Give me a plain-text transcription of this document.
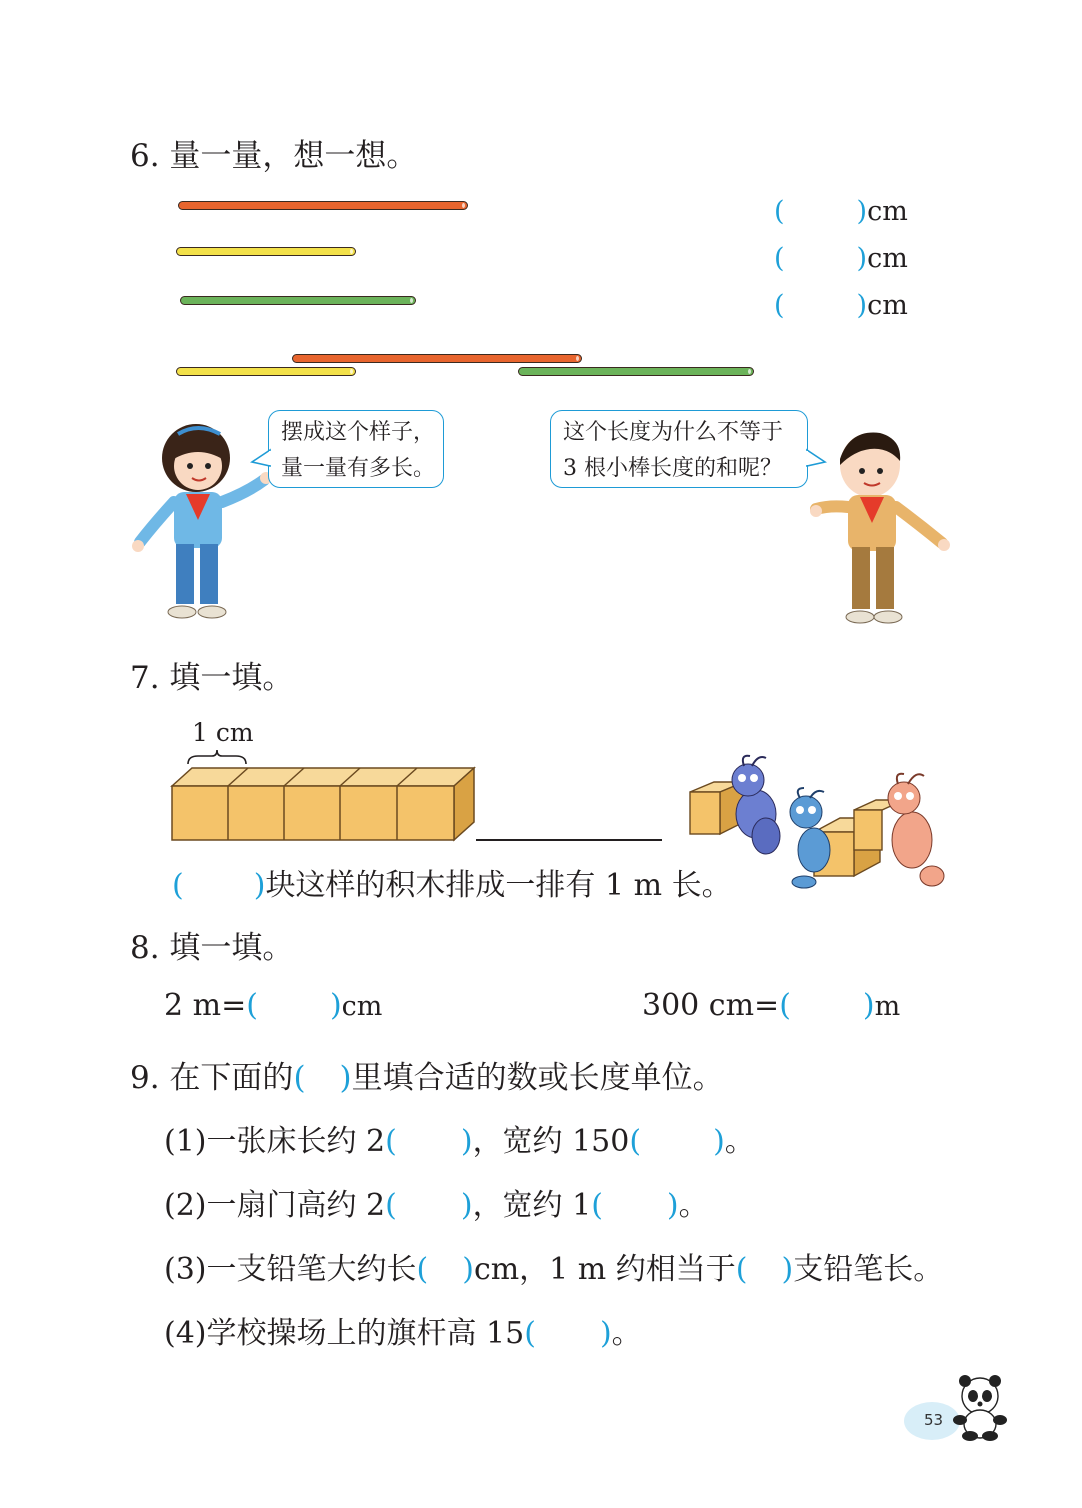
6. 量一量，想一想。
(	)cm
(	)cm
(	)cm
摆成这个样子，
量一量有多长。
这个长度为什么不等于
3 根小棒长度的和呢？
7. 填一填。
1 cm
( )块这样的积木排成一排有 1 m 长。
8. 填一填。
2 m=( )cm	300 cm=( )m
9. 在下面的( )里填合适的数或长度单位。
(1)一张床长约 2( )，宽约 150( )。
(2)一扇门高约 2( )，宽约 1( )。
(3)一支铅笔大约长( )cm，1 m 约相当于( )支铅笔长。
(4)学校操场上的旗杆高 15( )。
53
